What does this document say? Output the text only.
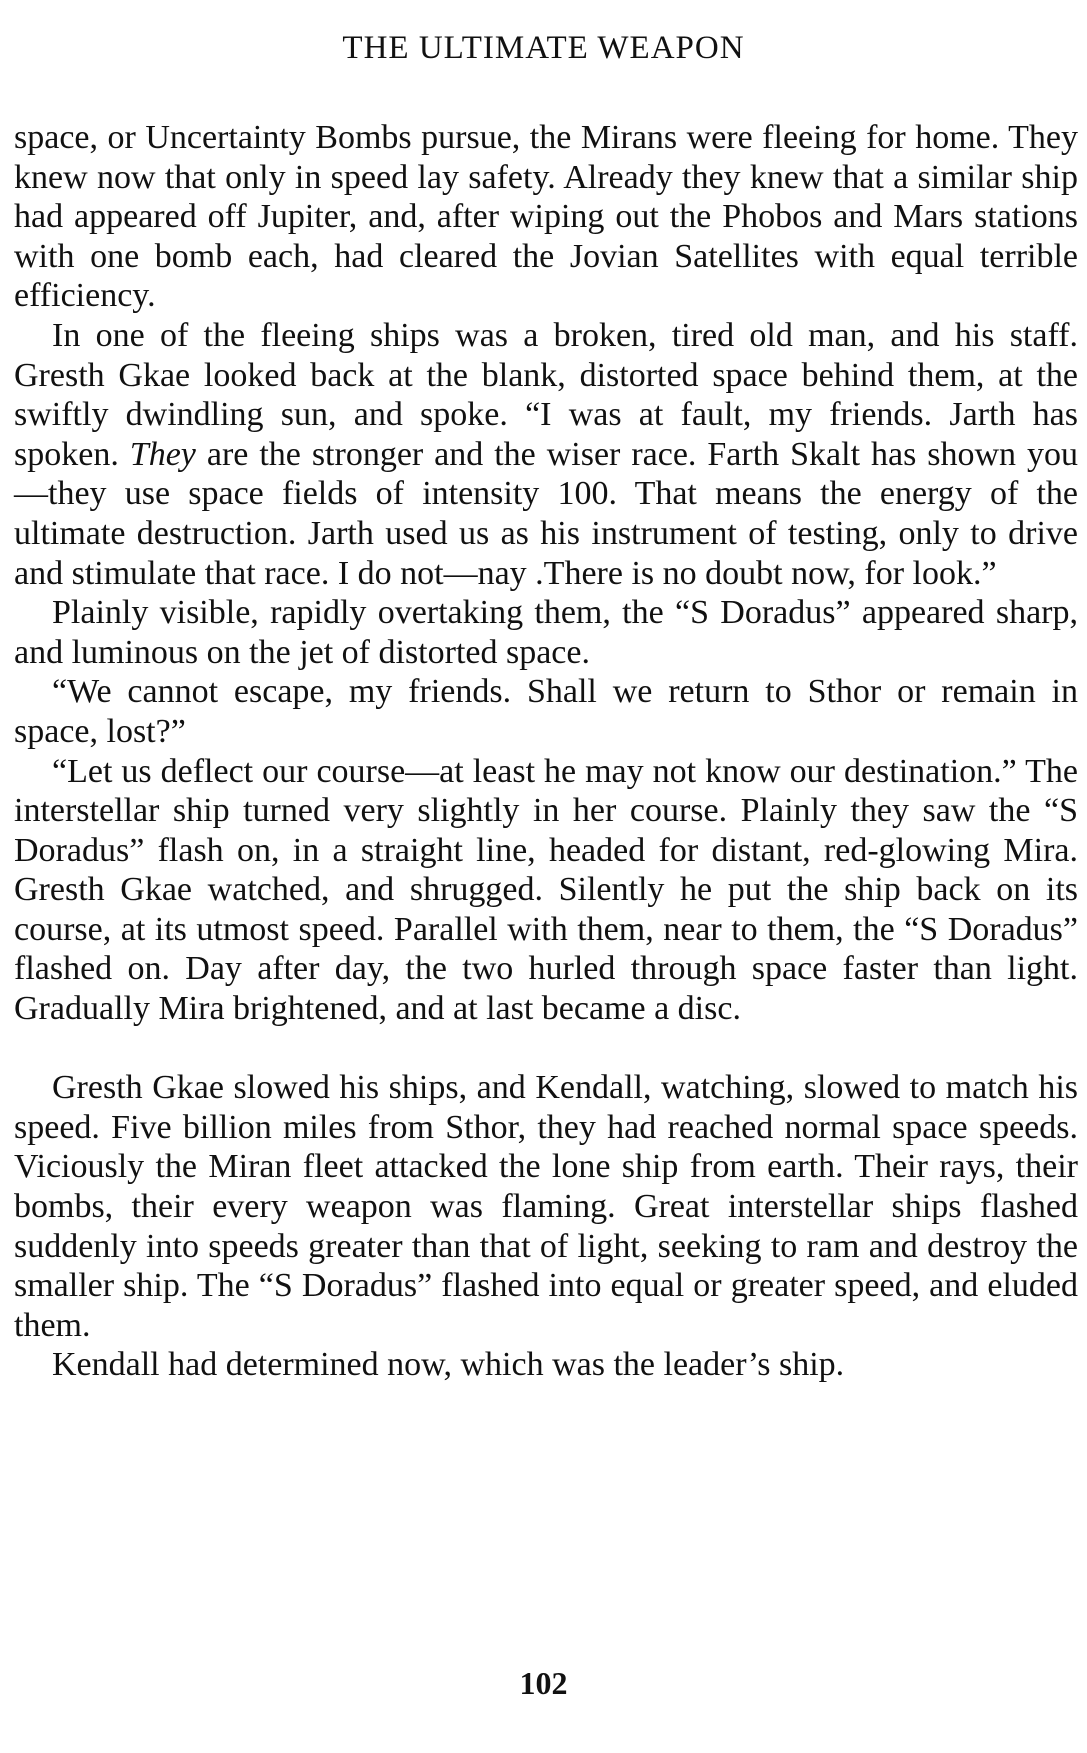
THE ULTIMATE WEAPON

space, or Uncertainty Bombs pursue, the Mirans were fleeing for home. They knew now that only in speed lay safety. Already they knew that a similar ship had appeared off Jupiter, and, after wiping out the Phobos and Mars stations with one bomb each, had cleared the Jovian Satellites with equal terrible efficiency.

In one of the fleeing ships was a broken, tired old man, and his staff. Gresth Gkae looked back at the blank, distorted space behind them, at the swiftly dwindling sun, and spoke. “I was at fault, my friends. Jarth has spoken. They are the stronger and the wiser race. Farth Skalt has shown you—they use space fields of intensity 100. That means the energy of the ultimate destruction. Jarth used us as his instrument of testing, only to drive and stimulate that race. I do not—nay .There is no doubt now, for look.”

Plainly visible, rapidly overtaking them, the “S Doradus” appeared sharp, and luminous on the jet of distorted space.

“We cannot escape, my friends. Shall we return to Sthor or remain in space, lost?”

“Let us deflect our course—at least he may not know our destination.” The interstellar ship turned very slightly in her course. Plainly they saw the “S Doradus” flash on, in a straight line, headed for distant, red-glowing Mira. Gresth Gkae watched, and shrugged. Silently he put the ship back on its course, at its utmost speed. Parallel with them, near to them, the “S Doradus” flashed on. Day after day, the two hurled through space faster than light. Gradually Mira brightened, and at last became a disc.

Gresth Gkae slowed his ships, and Kendall, watching, slowed to match his speed. Five billion miles from Sthor, they had reached normal space speeds. Viciously the Miran fleet attacked the lone ship from earth. Their rays, their bombs, their every weapon was flaming. Great interstellar ships flashed suddenly into speeds greater than that of light, seeking to ram and destroy the smaller ship. The “S Doradus” flashed into equal or greater speed, and eluded them.

Kendall had determined now, which was the leader’s ship.

102
